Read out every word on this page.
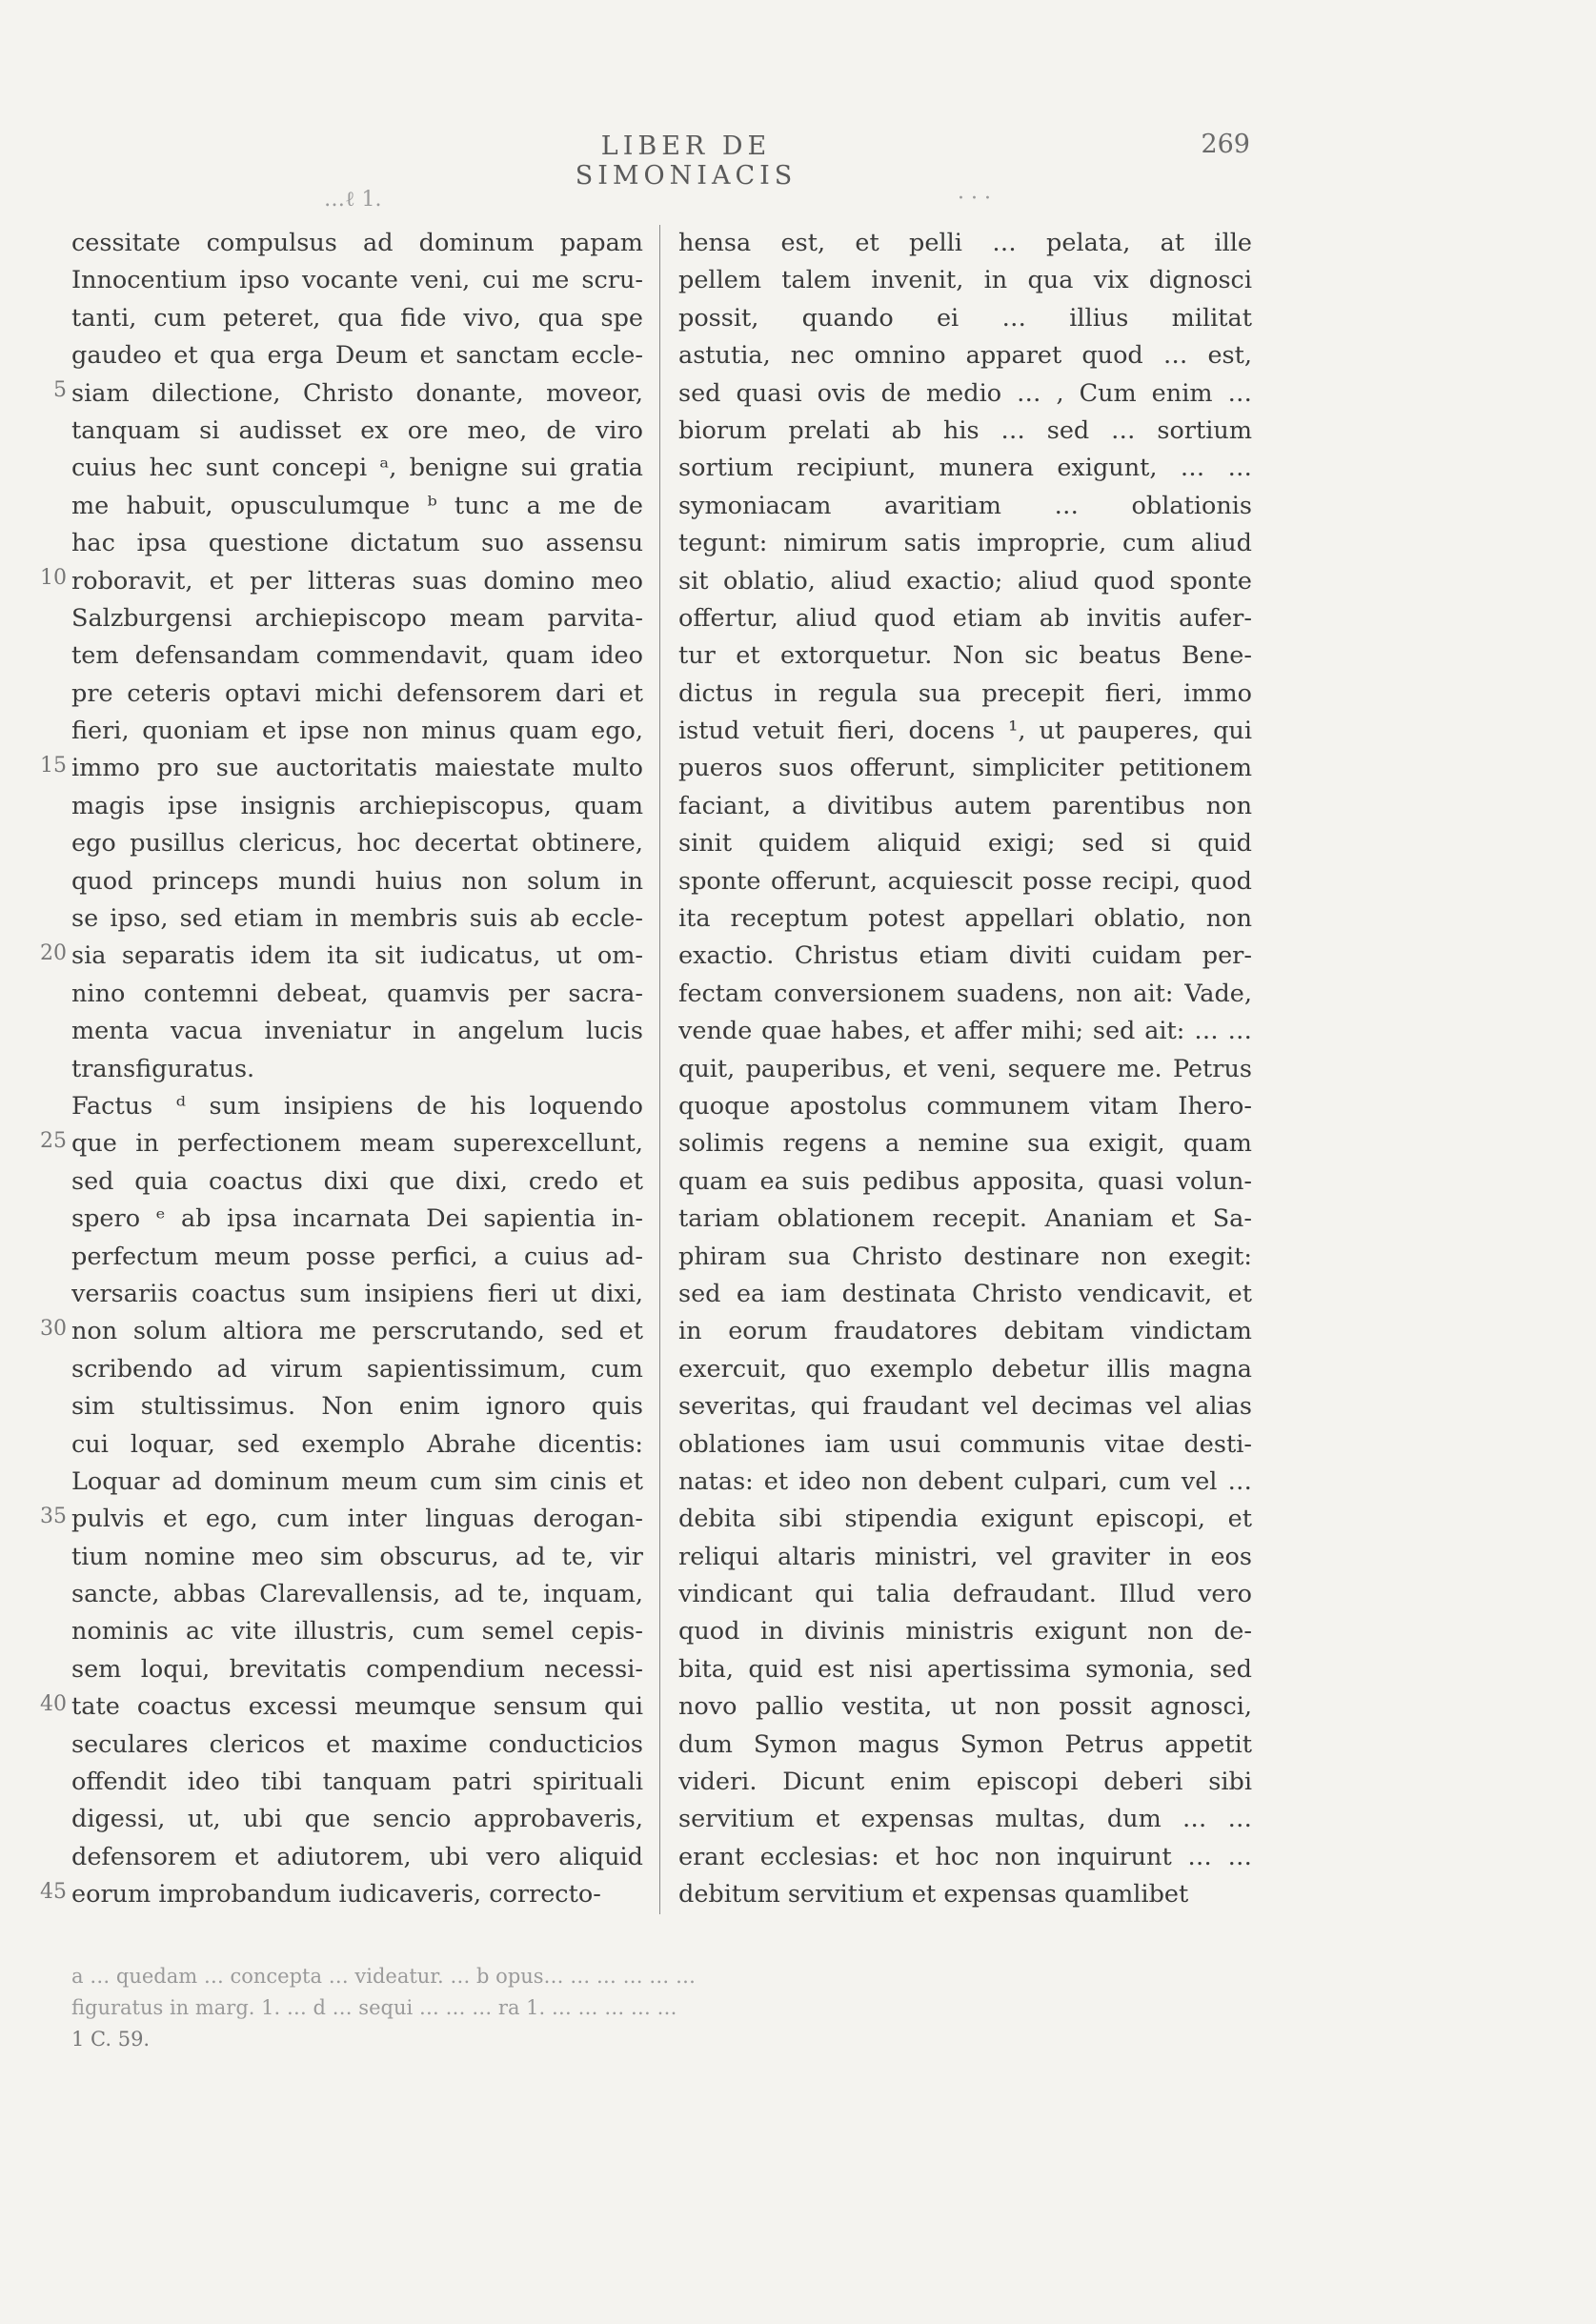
LIBER DE SIMONIACIS
269
…ℓ 1.	· · ·
cessitate compulsus ad dominum papam
Innocentium ipso vocante veni, cui me scru-
tanti, cum peteret, qua fide vivo, qua spe
gaudeo et qua erga Deum et sanctam eccle-
siam dilectione, Christo donante, moveor,
tanquam si audisset ex ore meo, de viro
cuius hec sunt concepi ᵃ, benigne sui gratia
me habuit, opusculumque ᵇ tunc a me de
hac ipsa questione dictatum suo assensu
roboravit, et per litteras suas domino meo
Salzburgensi archiepiscopo meam parvita-
tem defensandam commendavit, quam ideo
pre ceteris optavi michi defensorem dari et
fieri, quoniam et ipse non minus quam ego,
immo pro sue auctoritatis maiestate multo
magis ipse insignis archiepiscopus, quam
ego pusillus clericus, hoc decertat obtinere,
quod princeps mundi huius non solum in
se ipso, sed etiam in membris suis ab eccle-
sia separatis idem ita sit iudicatus, ut om-
nino contemni debeat, quamvis per sacra-
menta vacua inveniatur in angelum lucis
transfiguratus.
Factus ᵈ sum insipiens de his loquendo
que in perfectionem meam superexcellunt,
sed quia coactus dixi que dixi, credo et
spero ᵉ ab ipsa incarnata Dei sapientia in-
perfectum meum posse perfici, a cuius ad-
versariis coactus sum insipiens fieri ut dixi,
non solum altiora me perscrutando, sed et
scribendo ad virum sapientissimum, cum
sim stultissimus. Non enim ignoro quis
cui loquar, sed exemplo Abrahe dicentis:
Loquar ad dominum meum cum sim cinis et
pulvis et ego, cum inter linguas derogan-
tium nomine meo sim obscurus, ad te, vir
sancte, abbas Clarevallensis, ad te, inquam,
nominis ac vite illustris, cum semel cepis-
sem loqui, brevitatis compendium necessi-
tate coactus excessi meumque sensum qui
seculares clericos et maxime conducticios
offendit ideo tibi tanquam patri spirituali
digessi, ut, ubi que sencio approbaveris,
defensorem et adiutorem, ubi vero aliquid
eorum improbandum iudicaveris, correcto-
hensa est, et pelli … pelata, at ille
pellem talem invenit, in qua vix dignosci
possit, quando ei … illius militat
astutia, nec omnino apparet quod … est,
sed quasi ovis de medio … , Cum enim …
biorum prelati ab his … sed … sortium
sortium recipiunt, munera exigunt, … …
symoniacam avaritiam … oblationis
tegunt: nimirum satis improprie, cum aliud
sit oblatio, aliud exactio; aliud quod sponte
offertur, aliud quod etiam ab invitis aufer-
tur et extorquetur. Non sic beatus Bene-
dictus in regula sua precepit fieri, immo
istud vetuit fieri, docens ¹, ut pauperes, qui
pueros suos offerunt, simpliciter petitionem
faciant, a divitibus autem parentibus non
sinit quidem aliquid exigi; sed si quid
sponte offerunt, acquiescit posse recipi, quod
ita receptum potest appellari oblatio, non
exactio. Christus etiam diviti cuidam per-
fectam conversionem suadens, non ait: Vade,
vende quae habes, et affer mihi; sed ait: … …
quit, pauperibus, et veni, sequere me. Petrus
quoque apostolus communem vitam Ihero-
solimis regens a nemine sua exigit, quam
quam ea suis pedibus apposita, quasi volun-
tariam oblationem recepit. Ananiam et Sa-
phiram sua Christo destinare non exegit:
sed ea iam destinata Christo vendicavit, et
in eorum fraudatores debitam vindictam
exercuit, quo exemplo debetur illis magna
severitas, qui fraudant vel decimas vel alias
oblationes iam usui communis vitae desti-
natas: et ideo non debent culpari, cum vel …
debita sibi stipendia exigunt episcopi, et
reliqui altaris ministri, vel graviter in eos
vindicant qui talia defraudant. Illud vero
quod in divinis ministris exigunt non de-
bita, quid est nisi apertissima symonia, sed
novo pallio vestita, ut non possit agnosci,
dum Symon magus Symon Petrus appetit
videri. Dicunt enim episcopi deberi sibi
servitium et expensas multas, dum … …
erant ecclesias: et hoc non inquirunt … …
debitum servitium et expensas quamlibet
5
10
15
20
25
30
35
40
45
a … quedam … concepta … videatur. … b opus… … … … … …
figuratus in marg. 1. … d … sequi … … … ra 1. … … … … …
1 C. 59.
